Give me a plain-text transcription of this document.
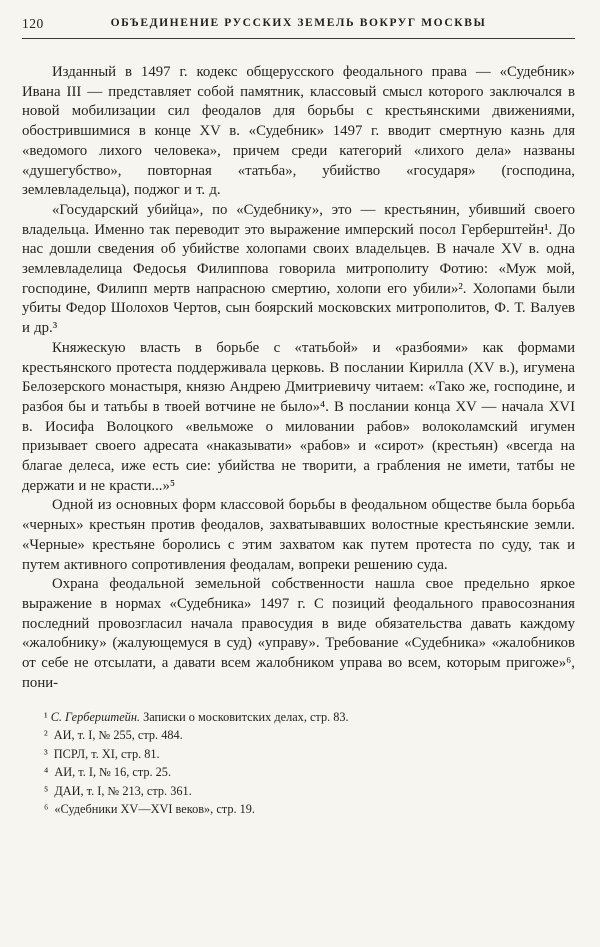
120	ОБЪЕДИНЕНИЕ РУССКИХ ЗЕМЕЛЬ ВОКРУГ МОСКВЫ

Изданный в 1497 г. кодекс общерусского феодального права — «Судебник» Ивана III — представляет собой памятник, классовый смысл которого заключался в новой мобилизации сил феодалов для борьбы с крестьянскими движениями, обострившимися в конце XV в. «Судебник» 1497 г. вводит смертную казнь для «ведомого лихого человека», причем среди категорий «лихого дела» названы «душегубство», повторная «татьба», убийство «государя» (господина, землевладельца), поджог и т. д.

«Государский убийца», по «Судебнику», это — крестьянин, убивший своего владельца. Именно так переводит это выражение имперский посол Герберштейн¹. До нас дошли сведения об убийстве холопами своих владельцев. В начале XV в. одна землевладелица Федосья Филиппова говорила митрополиту Фотию: «Муж мой, господине, Филипп мертв напрасною смертию, холопи его убили»². Холопами были убиты Федор Шолохов Чертов, сын боярский московских митрополитов, Ф. Т. Валуев и др.³

Княжескую власть в борьбе с «татьбой» и «разбоями» как формами крестьянского протеста поддерживала церковь. В послании Кирилла (XV в.), игумена Белозерского монастыря, князю Андрею Дмитриевичу читаем: «Тако же, господине, и разбоя бы и татьбы в твоей вотчине не было»⁴. В послании конца XV — начала XVI в. Иосифа Волоцкого «вельможе о миловании рабов» волоколамский игумен призывает своего адресата «наказывати» «рабов» и «сирот» (крестьян) «всегда на благае делеса, иже есть сие: убийства не творити, а грабления не имети, татбы не держати и не красти...»⁵

Одной из основных форм классовой борьбы в феодальном обществе была борьба «черных» крестьян против феодалов, захватывавших волостные крестьянские земли. «Черные» крестьяне боролись с этим захватом как путем протеста по суду, так и путем активного сопротивления феодалам, вопреки решению суда.

Охрана феодальной земельной собственности нашла свое предельно яркое выражение в нормах «Судебника» 1497 г. С позиций феодального правосознания последний провозгласил начала правосудия в виде обязательства давать каждому «жалобнику» (жалующемуся в суд) «управу». Требование «Судебника» «жалобников от себе не отсылати, а давати всем жалобником управа во всем, которым пригоже»⁶, пони-

¹ С. Герберштейн. Записки о московитских делах, стр. 83.

² АИ, т. I, № 255, стр. 484.

³ ПСРЛ, т. XI, стр. 81.

⁴ АИ, т. I, № 16, стр. 25.

⁵ ДАИ, т. I, № 213, стр. 361.

⁶ «Судебники XV—XVI веков», стр. 19.
